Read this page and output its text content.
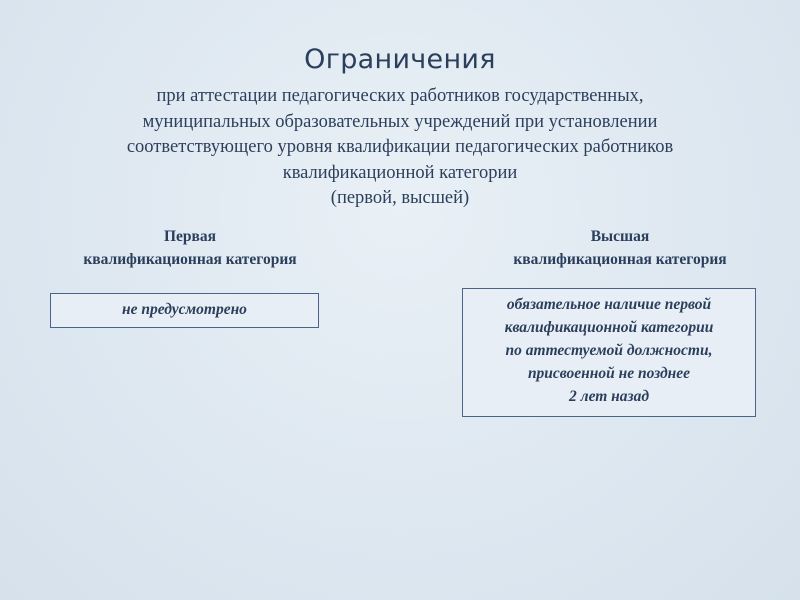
Ограничения
при аттестации педагогических работников государственных,
муниципальных образовательных учреждений при установлении
соответствующего уровня квалификации педагогических работников
квалификационной категории
(первой, высшей)
Первая
квалификационная категория
Высшая
квалификационная категория
не предусмотрено	обязательное наличие первой
квалификационной категории
по аттестуемой должности,
присвоенной не позднее
2 лет назад
